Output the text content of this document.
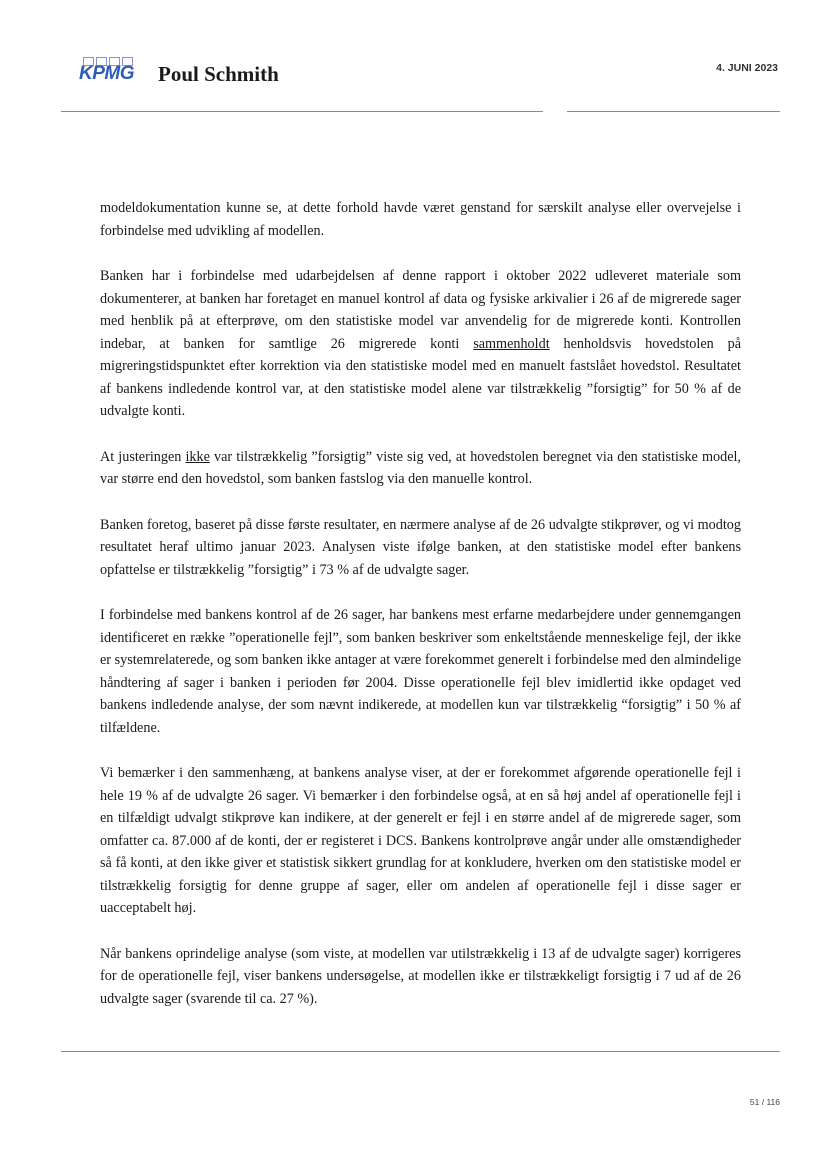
KPMG Poul Schmith	4. JUNI 2023

modeldokumentation kunne se, at dette forhold havde været genstand for særskilt analyse eller overvejelse i forbindelse med udvikling af modellen.

Banken har i forbindelse med udarbejdelsen af denne rapport i oktober 2022 udleveret materiale som dokumenterer, at banken har foretaget en manuel kontrol af data og fysiske arkivalier i 26 af de migrerede sager med henblik på at efterprøve, om den statistiske model var anvendelig for de migrerede konti. Kontrollen indebar, at banken for samtlige 26 migrerede konti sammenholdt henholdsvis hovedstolen på migreringstidspunktet efter korrektion via den statistiske model med en manuelt fastslået hovedstol. Resultatet af bankens indledende kontrol var, at den statistiske model alene var tilstrækkelig ”forsigtig” for 50 % af de udvalgte konti.

At justeringen ikke var tilstrækkelig ”forsigtig” viste sig ved, at hovedstolen beregnet via den statistiske model, var større end den hovedstol, som banken fastslog via den manuelle kontrol.

Banken foretog, baseret på disse første resultater, en nærmere analyse af de 26 udvalgte stikprøver, og vi modtog resultatet heraf ultimo januar 2023. Analysen viste ifølge banken, at den statistiske model efter bankens opfattelse er tilstrækkelig ”forsigtig” i 73 % af de udvalgte sager.

I forbindelse med bankens kontrol af de 26 sager, har bankens mest erfarne medarbejdere under gennemgangen identificeret en række ”operationelle fejl”, som banken beskriver som enkeltstående menneskelige fejl, der ikke er systemrelaterede, og som banken ikke antager at være forekommet generelt i forbindelse med den almindelige håndtering af sager i banken i perioden før 2004. Disse operationelle fejl blev imidlertid ikke opdaget ved bankens indledende analyse, der som nævnt indikerede, at modellen kun var tilstrækkelig “forsigtig” i 50 % af tilfældene.

Vi bemærker i den sammenhæng, at bankens analyse viser, at der er forekommet afgørende operationelle fejl i hele 19 % af de udvalgte 26 sager. Vi bemærker i den forbindelse også, at en så høj andel af operationelle fejl i en tilfældigt udvalgt stikprøve kan indikere, at der generelt er fejl i en større andel af de migrerede sager, som omfatter ca. 87.000 af de konti, der er registeret i DCS. Bankens kontrolprøve angår under alle omstændigheder så få konti, at den ikke giver et statistisk sikkert grundlag for at konkludere, hverken om den statistiske model er tilstrækkelig forsigtig for denne gruppe af sager, eller om andelen af operationelle fejl i disse sager er uacceptabelt høj.

Når bankens oprindelige analyse (som viste, at modellen var utilstrækkelig i 13 af de udvalgte sager) korrigeres for de operationelle fejl, viser bankens undersøgelse, at modellen ikke er tilstrækkeligt forsigtig i 7 ud af de 26 udvalgte sager (svarende til ca. 27 %).

51 / 116
